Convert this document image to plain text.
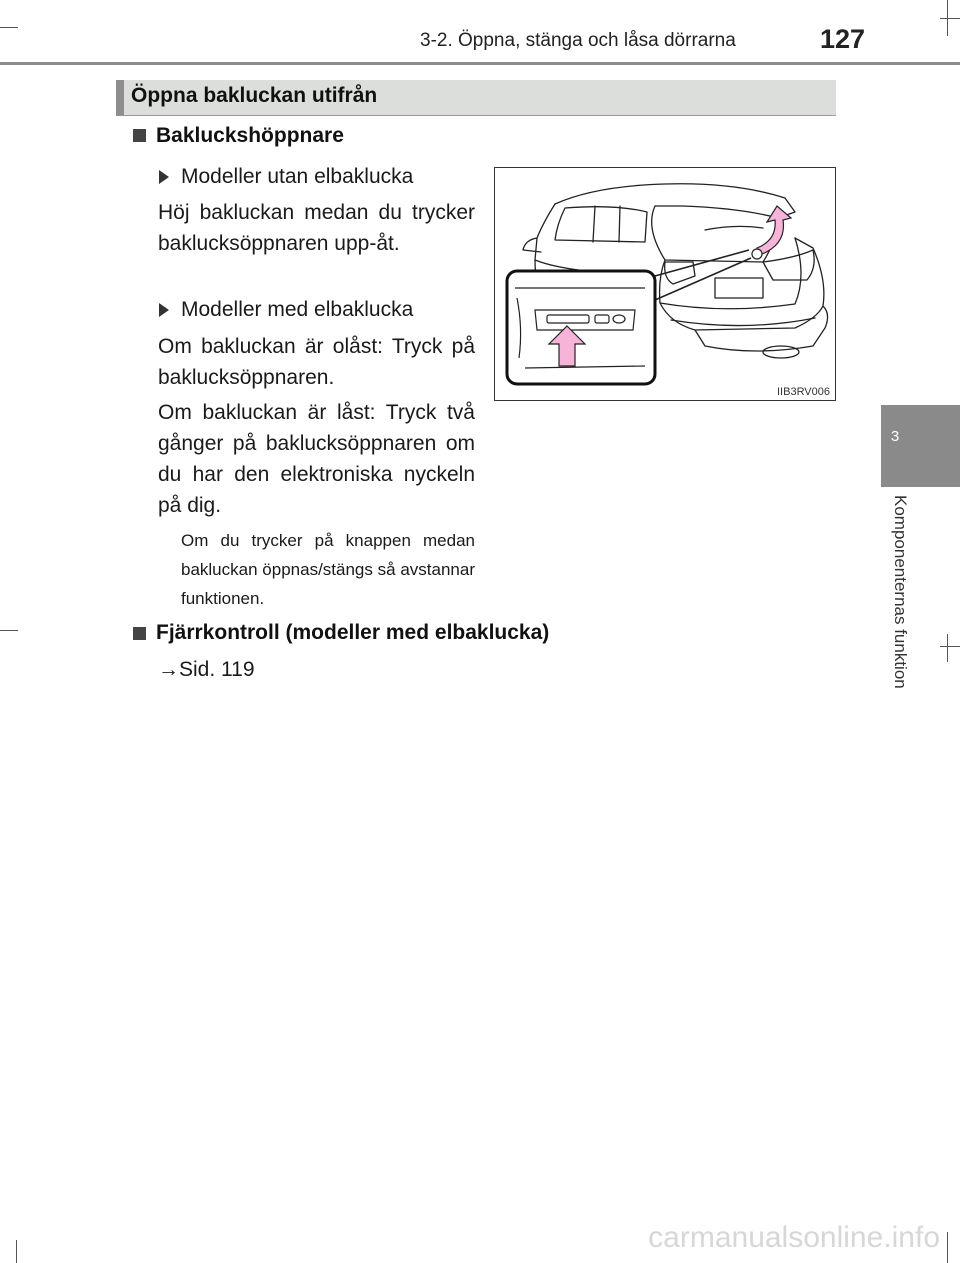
3-2. Öppna, stänga och låsa dörrarna	127
3
Komponenternas funktion
Öppna bakluckan utifrån
Bakluckshöppnare
Modeller utan elbaklucka
Höj bakluckan medan du trycker baklucksöppnaren upp-åt.
Modeller med elbaklucka
Om bakluckan är olåst: Tryck på baklucksöppnaren.
Om bakluckan är låst: Tryck två gånger på baklucksöppnaren om du har den elektroniska nyckeln på dig.
Om du trycker på knappen medan bakluckan öppnas/stängs så avstannar funktionen.
IIB3RV006
Fjärrkontroll (modeller med elbaklucka)
→Sid. 119
carmanualsonline.info
